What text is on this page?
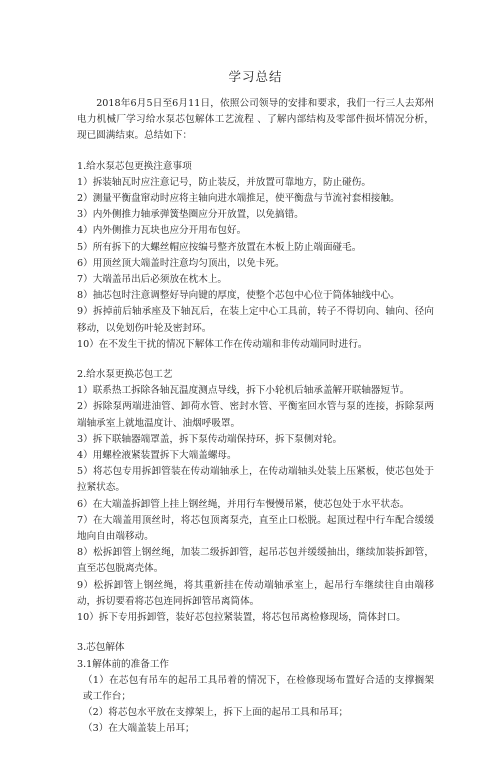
学习总结

2018年6月5日至6月11日，依照公司领导的安排和要求，我们一行三人去郑州电力机械厂学习给水泵芯包解体工艺流程 、了解内部结构及零部件损坏情况分析，现已圆满结束。总结如下：

1.给水泵芯包更换注意事项

1）拆装轴瓦时应注意记号，防止装反，并放置可靠地方，防止碰伤。

2）测量平衡盘窜动时应将主轴向进水端推足，使平衡盘与节流衬套相接触。

3）内外侧推力轴承弹簧垫圈应分开放置，以免搞错。

4）内外侧推力瓦块也应分开用布包好。

5）所有拆下的大螺丝帽应按编号整齐放置在木板上防止端面碰毛。

6）用顶丝顶大端盖时注意均匀顶出，以免卡死。

7）大端盖吊出后必须放在枕木上。

8）抽芯包时注意调整好导向键的厚度，使整个芯包中心位于筒体轴线中心。

9）拆掉前后轴承座及下轴瓦后，在装上定中心工具前，转子不得切向、轴向、径向移动，以免划伤叶轮及密封环。

10）在不发生干扰的情况下解体工作在传动端和非传动端同时进行。

2.给水泵更换芯包工艺

1）联系热工拆除各轴瓦温度测点导线，拆下小轮机后轴承盖解开联轴器短节。

2）拆除泵两端进油管、卸荷水管、密封水管、平衡室回水管与泵的连接，拆除泵两端轴承室上就地温度计、油烟呼吸罩。

3）拆下联轴器端罩盖，拆下泵传动端保持环，拆下泵侧对轮。

4）用螺栓液紧装置拆下大端盖螺母。

5）将芯包专用拆卸管装在传动端轴承上，在传动端轴头处装上压紧板，使芯包处于拉紧状态。

6）在大端盖拆卸管上挂上钢丝绳，并用行车慢慢吊紧，使芯包处于水平状态。

7）在大端盖用顶丝时，将芯包顶离泵壳，直至止口松脱。起顶过程中行车配合缓缓地向自由端移动。

8）松拆卸管上钢丝绳，加装二级拆卸管，起吊芯包并缓缓抽出，继续加装拆卸管，直至芯包脱离壳体。

9）松拆卸管上钢丝绳，将其重新挂在传动端轴承室上，起吊行车继续往自由端移动，拆切要看将芯包连同拆卸管吊离筒体。

10）拆下专用拆卸管，装好芯包拉紧装置，将芯包吊离检修现场，筒体封口。

3.芯包解体

3.1解体前的准备工作

（1）在芯包有吊车的起吊工具吊着的情况下，在检修现场布置好合适的支撑搁架或工作台；

（2）将芯包水平放在支撑架上，拆下上面的起吊工具和吊耳；

（3）在大端盖装上吊耳；
